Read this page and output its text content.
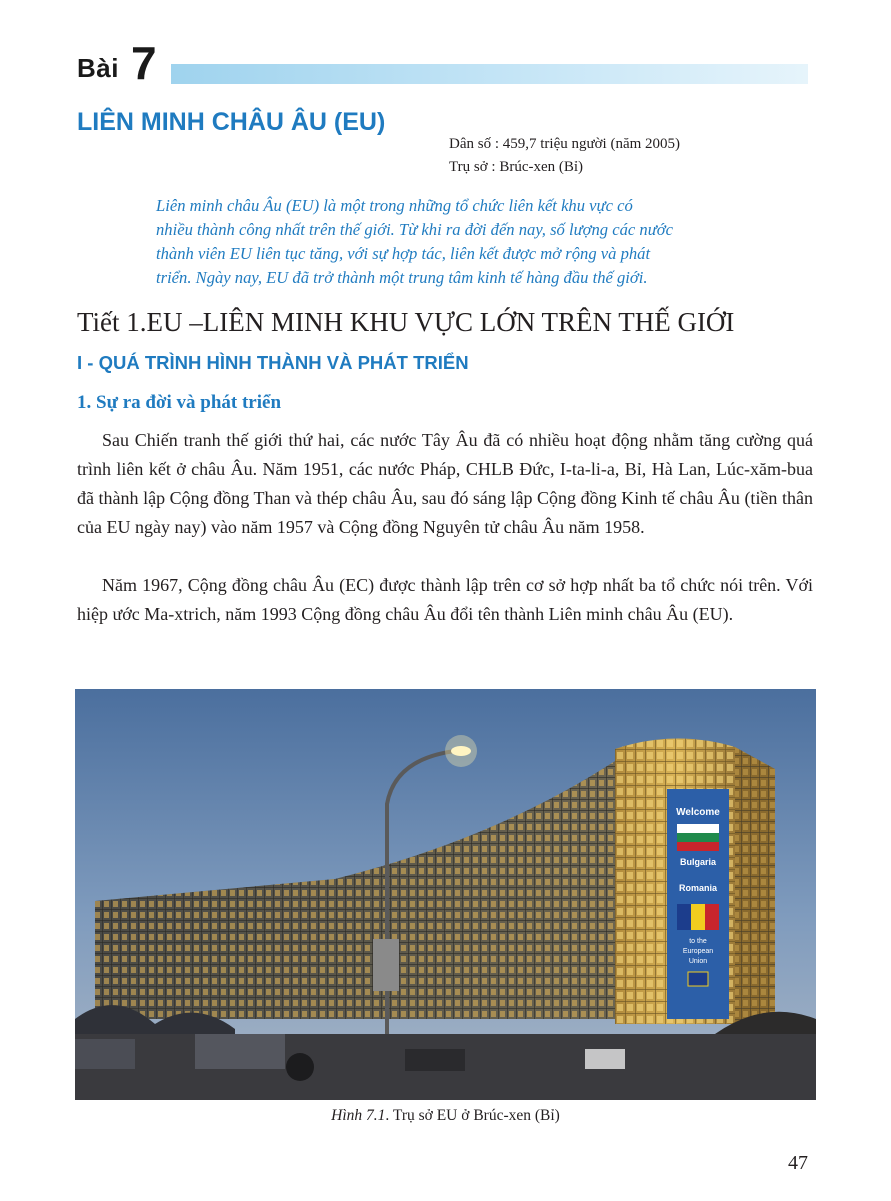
Bài 7
LIÊN MINH CHÂU ÂU (EU)
Dân số : 459,7 triệu người (năm 2005)
Trụ sở : Brúc-xen (Bỉ)
Liên minh châu Âu (EU) là một trong những tổ chức liên kết khu vực có
nhiều thành công nhất trên thế giới. Từ khi ra đời đến nay, số lượng các nước
thành viên EU liên tục tăng, với sự hợp tác, liên kết được mở rộng và phát
triển. Ngày nay, EU đã trở thành một trung tâm kinh tế hàng đầu thế giới.
Tiết 1.EU –LIÊN MINH KHU VỰC LỚN TRÊN THẾ GIỚI
I - QUÁ TRÌNH HÌNH THÀNH VÀ PHÁT TRIỂN
1. Sự ra đời và phát triển
Sau Chiến tranh thế giới thứ hai, các nước Tây Âu đã có nhiều hoạt động nhằm tăng cường quá trình liên kết ở châu Âu. Năm 1951, các nước Pháp, CHLB Đức, I-ta-li-a, Bỉ, Hà Lan, Lúc-xăm-bua đã thành lập Cộng đồng Than và thép châu Âu, sau đó sáng lập Cộng đồng Kinh tế châu Âu (tiền thân của EU ngày nay) vào năm 1957 và Cộng đồng Nguyên tử châu Âu năm 1958.
Năm 1967, Cộng đồng châu Âu (EC) được thành lập trên cơ sở hợp nhất ba tổ chức nói trên. Với hiệp ước Ma-xtrich, năm 1993 Cộng đồng châu Âu đổi tên thành Liên minh châu Âu (EU).
Welcome
Bulgaria
Romania
to the
European
Union
Hình 7.1. Trụ sở EU ở Brúc-xen (Bỉ)
47
